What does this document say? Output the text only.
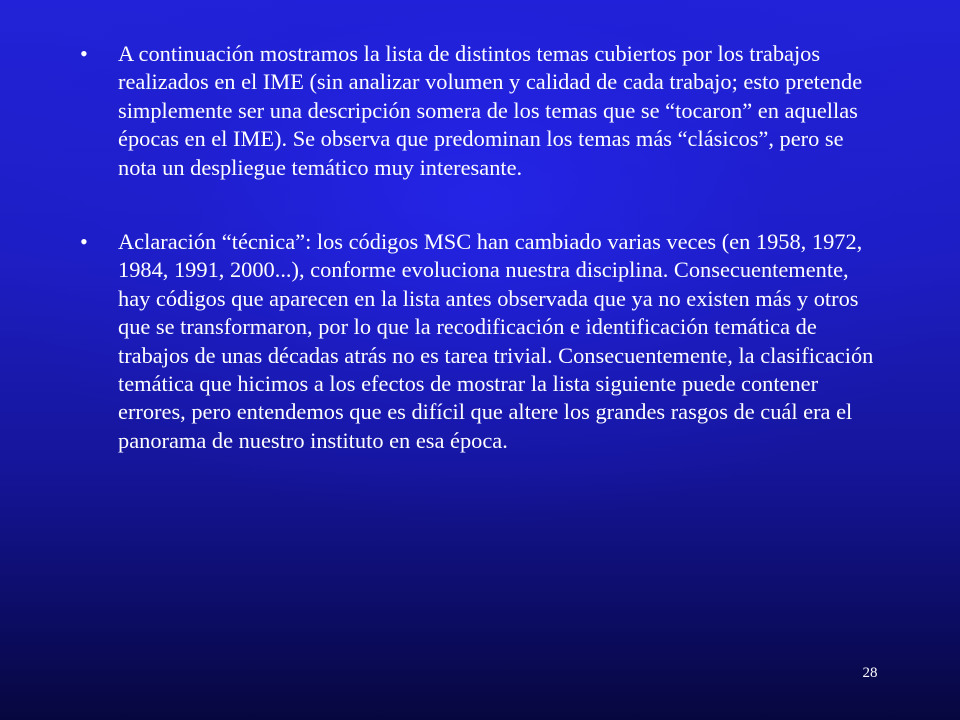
• A continuación mostramos la lista de distintos temas cubiertos por los trabajos realizados en el IME (sin analizar volumen y calidad de cada trabajo; esto pretende simplemente ser una descripción somera de los temas que se “tocaron” en aquellas épocas en el IME). Se observa que predominan los temas más “clásicos”, pero se nota un despliegue temático muy interesante.
• Aclaración “técnica”: los códigos MSC han cambiado varias veces (en 1958, 1972, 1984, 1991, 2000...), conforme evoluciona nuestra disciplina. Consecuentemente, hay códigos que aparecen en la lista antes observada que ya no existen más y otros que se transformaron, por lo que la recodificación e identificación temática de trabajos de unas décadas atrás no es tarea trivial. Consecuentemente, la clasificación temática que hicimos a los efectos de mostrar la lista siguiente puede contener errores, pero entendemos que es difícil que altere los grandes rasgos de cuál era el panorama de nuestro instituto en esa época.
28
